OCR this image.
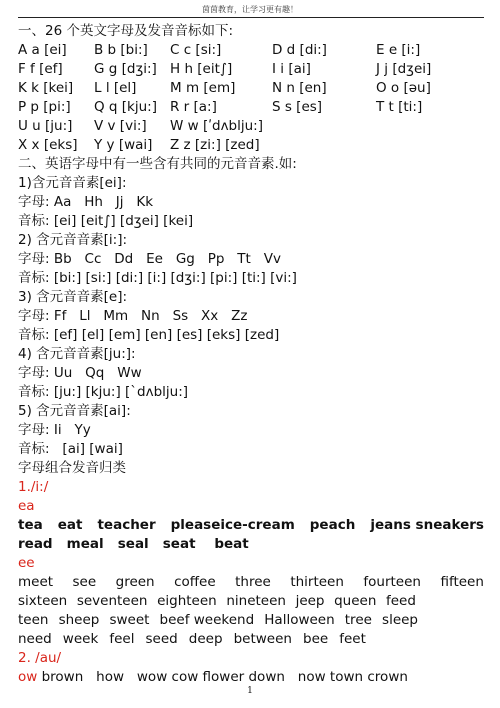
茵茵教育，让学习更有趣！
一、26 个英文字母及发音音标如下:
A a [ei]	B b [bi:]	C c [si:]	D d [di:]	E e [i:]
F f [ef]	G g [dʒi:] H h [eit∫]	I i [ai]	J j [dʒei]
K k [kei]	L l [el]	M m [em]	N n [en]	O o [əu]
P p [pi:]	Q q [kju:] R r [a:]	S s [es]	T t [ti:]
U u [ju:]	V v [vi:]	W w [ʹdʌblju:]
X x [eks]	Y y [wai]	Z z [zi:] [zed]
二、英语字母中有一些含有共同的元音音素.如:
1)含元音音素[ei]:
字母: Aa   Hh   Jj   Kk
音标: [ei] [eit∫] [dʒei] [kei]
2) 含元音音素[i:]:
字母: Bb   Cc   Dd   Ee   Gg   Pp   Tt   Vv
音标: [bi:] [si:] [di:] [i:] [dʒi:] [pi:] [ti:] [vi:]
3) 含元音音素[e]:
字母: Ff   Ll   Mm   Nn   Ss   Xx   Zz
音标: [ef] [el] [em] [en] [es] [eks] [zed]
4) 含元音音素[ju:]:
字母: Uu   Qq   Ww
音标: [ju:] [kju:] [`dʌblju:]
5) 含元音音素[ai]:
字母: Ii   Yy
音标:   [ai] [wai]
字母组合发音归类
1./i:/
ea
tea eat teacher pleaseice-cream peach jeans sneakers
read   meal   seal   seat    beat
ee
meet see green coffee three thirteen fourteen fifteen
sixteen seventeen eighteen nineteen jeep queen feed
teen sheep sweet beef weekend Halloween tree sleep
need week feel seed deep between bee feet
2. /au/
ow brown   how   wow cow flower down   now town crown
1
